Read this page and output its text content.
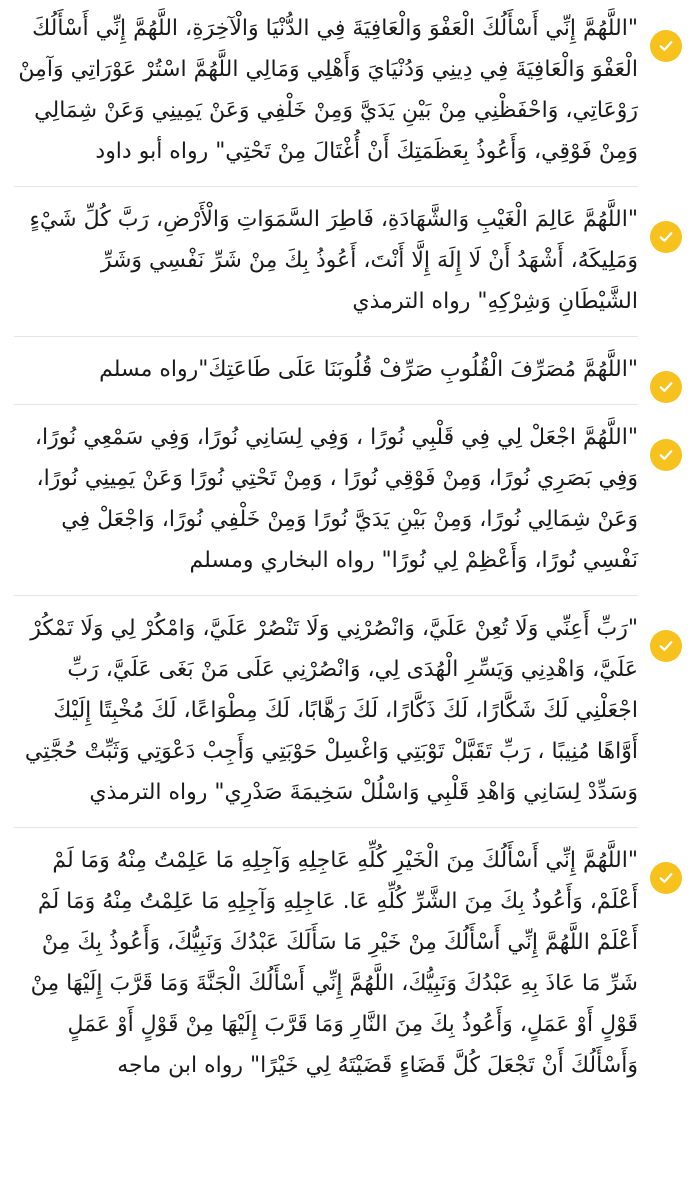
"اللَّهُمَّ إِنِّي أَسْأَلُكَ الْعَفْوَ وَالْعَافِيَةَ فِي الدُّنْيَا وَالْآخِرَةِ، اللَّهُمَّ إِنِّي أَسْأَلُكَ الْعَفْوَ وَالْعَافِيَةَ فِي دِينِي وَدُنْيَايَ وَأَهْلِي وَمَالِي اللَّهُمَّ اسْتُرْ عَوْرَاتِي وَآمِنْ رَوْعَاتِي، وَاحْفَظْنِي مِنْ بَيْنِ يَدَيَّ وَمِنْ خَلْفِي وَعَنْ يَمِينِي وَعَنْ شِمَالِي وَمِنْ فَوْقِي، وَأَعُوذُ بِعَظَمَتِكَ أَنْ أُغْتَالَ مِنْ تَحْتِي" رواه أبو داود

"اللَّهُمَّ عَالِمَ الْغَيْبِ وَالشَّهَادَةِ، فَاطِرَ السَّمَوَاتِ وَالْأَرْضِ، رَبَّ كُلِّ شَيْءٍ وَمَلِيكَهُ، أَشْهَدُ أَنْ لَا إِلَهَ إِلَّا أَنْتَ، أَعُوذُ بِكَ مِنْ شَرِّ نَفْسِي وَشَرِّ الشَّيْطَانِ وَشِرْكِهِ" رواه الترمذي

"اللَّهُمَّ مُصَرِّفَ الْقُلُوبِ صَرِّفْ قُلُوبَنَا عَلَى طَاعَتِكَ"رواه مسلم

"اللَّهُمَّ اجْعَلْ لِي فِي قَلْبِي نُورًا ، وَفِي لِسَانِي نُورًا، وَفِي سَمْعِي نُورًا، وَفِي بَصَرِي نُورًا، وَمِنْ فَوْقِي نُورًا ، وَمِنْ تَحْتِي نُورًا وَعَنْ يَمِينِي نُورًا، وَعَنْ شِمَالِي نُورًا، وَمِنْ بَيْنِ يَدَيَّ نُورًا وَمِنْ خَلْفِي نُورًا، وَاجْعَلْ فِي نَفْسِي نُورًا، وَأَعْظِمْ لِي نُورًا" رواه البخاري ومسلم

"رَبِّ أَعِنِّي وَلَا تُعِنْ عَلَيَّ، وَانْصُرْنِي وَلَا تَنْصُرْ عَلَيَّ، وَامْكُرْ لِي وَلَا تَمْكُرْ عَلَيَّ، وَاهْدِنِي وَيَسِّرِ الْهُدَى لِي، وَانْصُرْنِي عَلَى مَنْ بَغَى عَلَيَّ، رَبِّ اجْعَلْنِي لَكَ شَكَّارًا، لَكَ ذَكَّارًا، لَكَ رَهَّابًا، لَكَ مِطْوَاعًا، لَكَ مُخْبِتًا إِلَيْكَ أَوَّاهًا مُنِيبًا ، رَبِّ تَقَبَّلْ تَوْبَتِي وَاغْسِلْ حَوْبَتِي وَأَجِبْ دَعْوَتِي وَثَبِّتْ حُجَّتِي وَسَدِّدْ لِسَانِي وَاهْدِ قَلْبِي وَاسْلُلْ سَخِيمَةَ صَدْرِي" رواه الترمذي

"اللَّهُمَّ إِنِّي أَسْأَلُكَ مِنَ الْخَيْرِ كُلِّهِ عَاجِلِهِ وَآجِلِهِ مَا عَلِمْتُ مِنْهُ وَمَا لَمْ أَعْلَمْ، وَأَعُوذُ بِكَ مِنَ الشَّرِّ كُلِّهِ عَا. عَاجِلِهِ وَآجِلِهِ مَا عَلِمْتُ مِنْهُ وَمَا لَمْ أَعْلَمْ اللَّهُمَّ إِنِّي أَسْأَلُكَ مِنْ خَيْرِ مَا سَأَلَكَ عَبْدُكَ وَنَبِيُّكَ، وَأَعُوذُ بِكَ مِنْ شَرِّ مَا عَاذَ بِهِ عَبْدُكَ وَنَبِيُّكَ، اللَّهُمَّ إِنِّي أَسْأَلُكَ الْجَنَّةَ وَمَا قَرَّبَ إِلَيْهَا مِنْ قَوْلٍ أَوْ عَمَلٍ، وَأَعُوذُ بِكَ مِنَ النَّارِ وَمَا قَرَّبَ إِلَيْهَا مِنْ قَوْلٍ أَوْ عَمَلٍ وَأَسْأَلُكَ أَنْ تَجْعَلَ كُلَّ قَضَاءٍ قَضَيْتَهُ لِي خَيْرًا" رواه ابن ماجه
